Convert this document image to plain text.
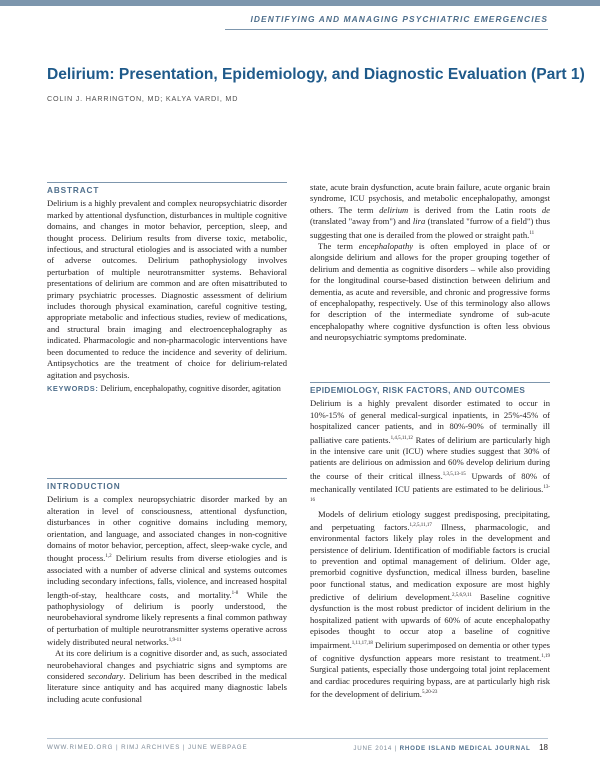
IDENTIFYING AND MANAGING PSYCHIATRIC EMERGENCIES
Delirium: Presentation, Epidemiology, and Diagnostic Evaluation (Part 1)
COLIN J. HARRINGTON, MD; KALYA VARDI, MD
ABSTRACT

Delirium is a highly prevalent and complex neuropsychiatric disorder marked by attentional dysfunction, disturbances in multiple cognitive domains, and changes in motor behavior, perception, sleep, and thought process. Delirium results from diverse toxic, metabolic, infectious, and structural etiologies and is associated with a number of adverse outcomes. Delirium pathophysiology involves perturbation of multiple neurotransmitter systems. Behavioral presentations of delirium are common and are often misattributed to primary psychiatric processes. Diagnostic assessment of delirium includes thorough physical examination, careful cognitive testing, appropriate metabolic and infectious studies, review of medications, and structural brain imaging and electroencephalography as indicated. Pharmacologic and non-pharmacologic interventions have been documented to reduce the incidence and severity of delirium. Antipsychotics are the treatment of choice for delirium-related agitation and psychosis.

KEYWORDS: Delirium, encephalopathy, cognitive disorder, agitation

INTRODUCTION

Delirium is a complex neuropsychiatric disorder marked by an alteration in level of consciousness, attentional dysfunction, disturbances in other cognitive domains including memory, orientation, and language, and associated changes in non-cognitive domains of motor behavior, perception, affect, sleep-wake cycle, and thought process.$^{1,2}$ Delirium results from diverse etiologies and is associated with a number of adverse clinical and systems outcomes including secondary infections, falls, violence, and increased hospital length-of-stay, healthcare costs, and mortality.$^{1-8}$ While the pathophysiology of delirium is poorly understood, the neurobehavioral syndrome likely represents a final common pathway of perturbation of multiple neurotransmitter systems operative across widely distributed neural networks.$^{1,9-11}$

At its core delirium is a cognitive disorder and, as such, associated neurobehavioral changes and psychiatric signs and symptoms are considered secondary. Delirium has been described in the medical literature since antiquity and has acquired many diagnostic labels including acute confusional

state, acute brain dysfunction, acute brain failure, acute organic brain syndrome, ICU psychosis, and metabolic encephalopathy, amongst others. The term delirium is derived from the Latin roots de (translated "away from") and lira (translated "furrow of a field") thus suggesting that one is derailed from the plowed or straight path.$^{11}$

The term encephalopathy is often employed in place of or alongside delirium and allows for the proper grouping together of delirium and dementia as cognitive disorders – while also providing for the longitudinal course-based distinction between delirium and dementia, as acute and reversible, and chronic and progressive forms of encephalopathy, respectively. Use of this terminology also allows for description of the intermediate syndrome of sub-acute encephalopathy where cognitive dysfunction is often less obvious and neuropsychiatric symptoms predominate.

EPIDEMIOLOGY, RISK FACTORS, AND OUTCOMES

Delirium is a highly prevalent disorder estimated to occur in 10%-15% of general medical-surgical inpatients, in 25%-45% of hospitalized cancer patients, and in 80%-90% of terminally ill palliative care patients.$^{1,4,5,11,12}$ Rates of delirium are particularly high in the intensive care unit (ICU) where studies suggest that 30% of patients are delirious on admission and 60% develop delirium during the course of their critical illness.$^{1,3,5,13-15}$ Upwards of 80% of mechanically ventilated ICU patients are estimated to be delirious.$^{13-16}$

Models of delirium etiology suggest predisposing, precipitating, and perpetuating factors.$^{1,2,5,11,17}$ Illness, pharmacologic, and environmental factors likely play roles in the development and persistence of delirium. Identification of modifiable factors is crucial to prevention and optimal management of delirium. Older age, premorbid cognitive dysfunction, medical illness burden, baseline poor functional status, and medication exposure are most highly predictive of delirium development.$^{2,5,6,9,11}$ Baseline cognitive dysfunction is the most robust predictor of incident delirium in the hospitalized patient with upwards of 60% of acute encephalopathy episodes thought to occur atop a baseline of cognitive impairment.$^{1,11,17,18}$ Delirium superimposed on dementia or other types of cognitive dysfunction appears more resistant to treatment.$^{1,19}$ Surgical patients, especially those undergoing total joint replacement and cardiac procedures requiring bypass, are at particularly high risk for the development of delirium.$^{5,20-23}$

WWW.RIMED.ORG | RIMJ ARCHIVES | JUNE WEBPAGE	JUNE 2014 | RHODE ISLAND MEDICAL JOURNAL 18
